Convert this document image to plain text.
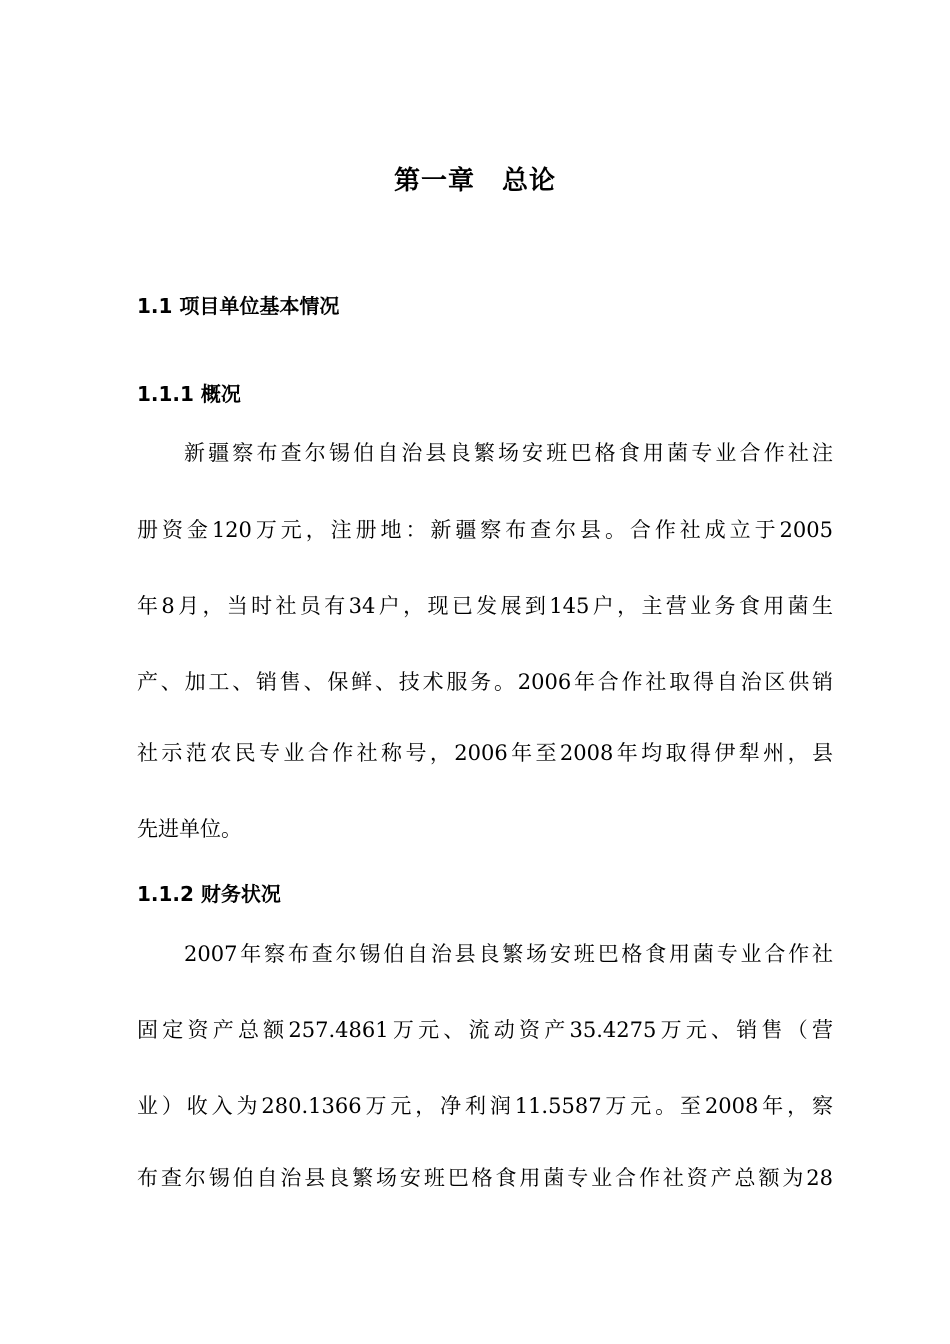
第一章　总论
1.1 项目单位基本情况
1.1.1 概况
新疆察布查尔锡伯自治县良繁场安班巴格食用菌专业合作社注
册资金120万元，注册地：新疆察布查尔县。合作社成立于2005
年8月，当时社员有34户，现已发展到145户，主营业务食用菌生
产、加工、销售、保鲜、技术服务。2006年合作社取得自治区供销
社示范农民专业合作社称号，2006年至2008年均取得伊犁州，县
先进单位。
1.1.2 财务状况
2007年察布查尔锡伯自治县良繁场安班巴格食用菌专业合作社
固定资产总额257.4861万元、流动资产35.4275万元、销售（营
业）收入为280.1366万元，净利润11.5587万元。至2008年，察
布查尔锡伯自治县良繁场安班巴格食用菌专业合作社资产总额为28
